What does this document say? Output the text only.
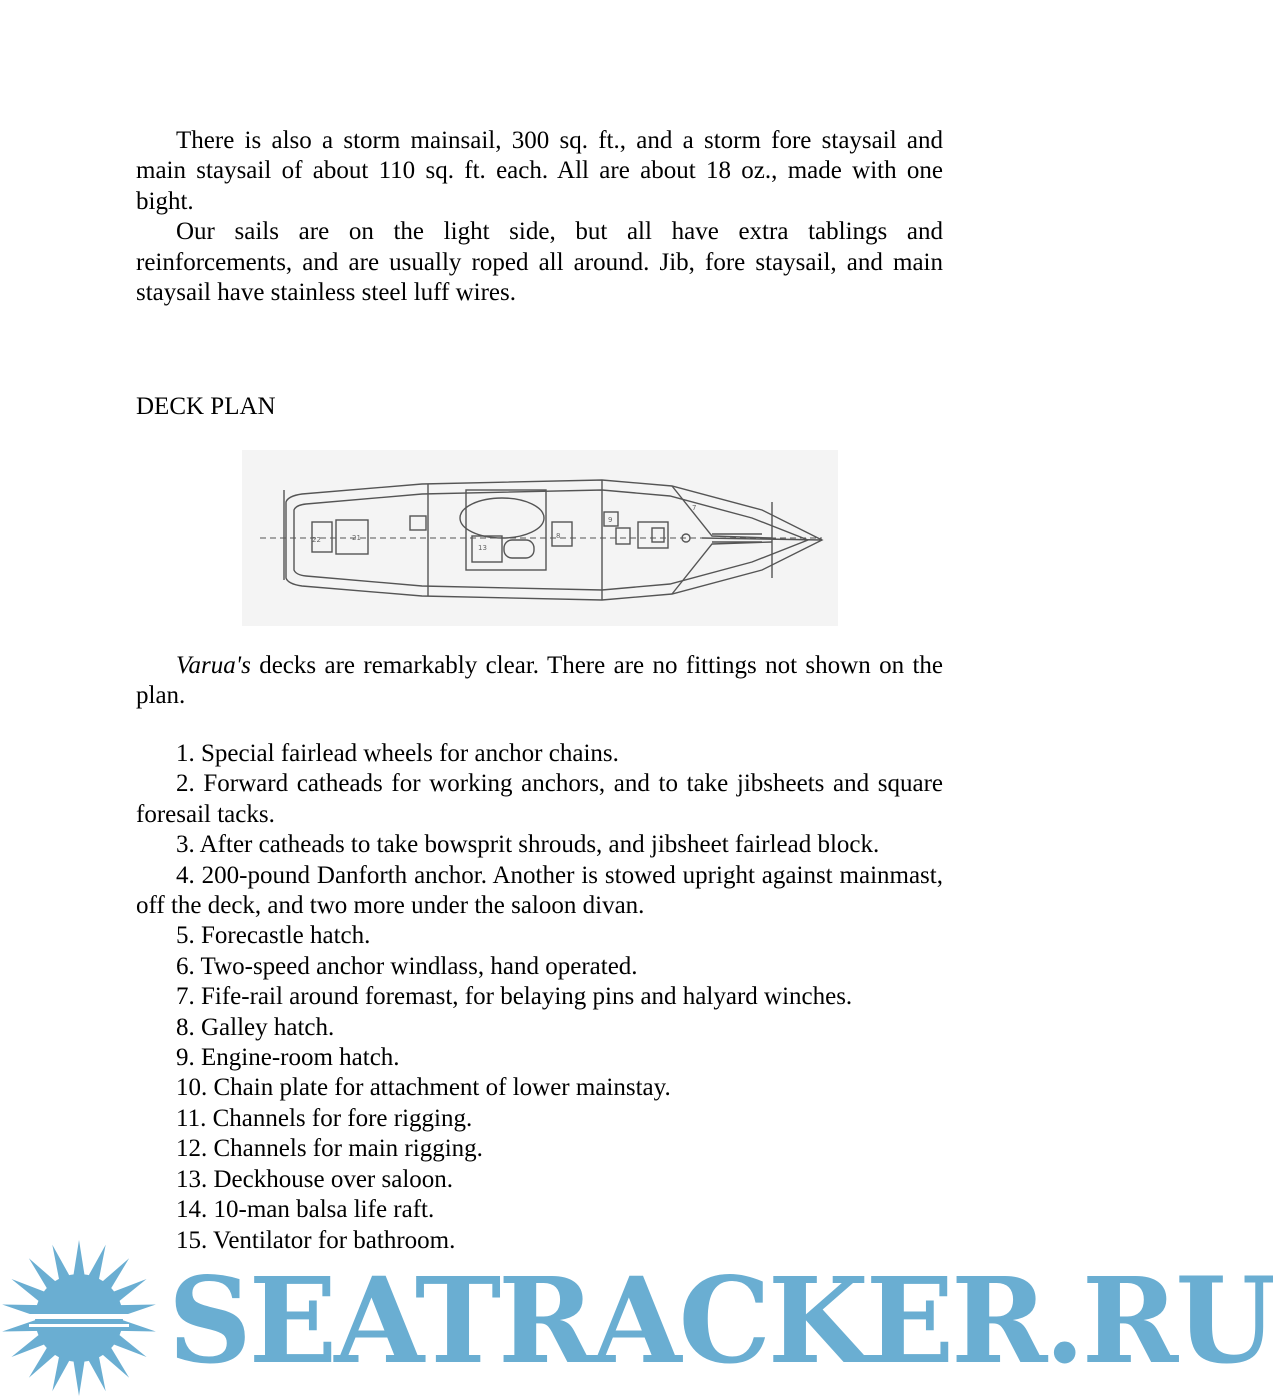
There is also a storm mainsail, 300 sq. ft., and a storm fore staysail and main staysail of about 110 sq. ft. each. All are about 18 oz., made with one bight.

Our sails are on the light side, but all have extra tablings and reinforcements, and are usually roped all around. Jib, fore staysail, and main staysail have stainless steel luff wires.

DECK PLAN
22	21
13
8
9
7

Varua's decks are remarkably clear. There are no fittings not shown on the plan.

1. Special fairlead wheels for anchor chains.

2. Forward catheads for working anchors, and to take jibsheets and square foresail tacks.

3. After catheads to take bowsprit shrouds, and jibsheet fairlead block.

4. 200-pound Danforth anchor. Another is stowed upright against mainmast, off the deck, and two more under the saloon divan.

5. Forecastle hatch.

6. Two-speed anchor windlass, hand operated.

7. Fife-rail around foremast, for belaying pins and halyard winches.

8. Galley hatch.

9. Engine-room hatch.

10. Chain plate for attachment of lower mainstay.

11. Channels for fore rigging.

12. Channels for main rigging.

13. Deckhouse over saloon.

14. 10-man balsa life raft.

15. Ventilator for bathroom.

SEATRACKER.RU
